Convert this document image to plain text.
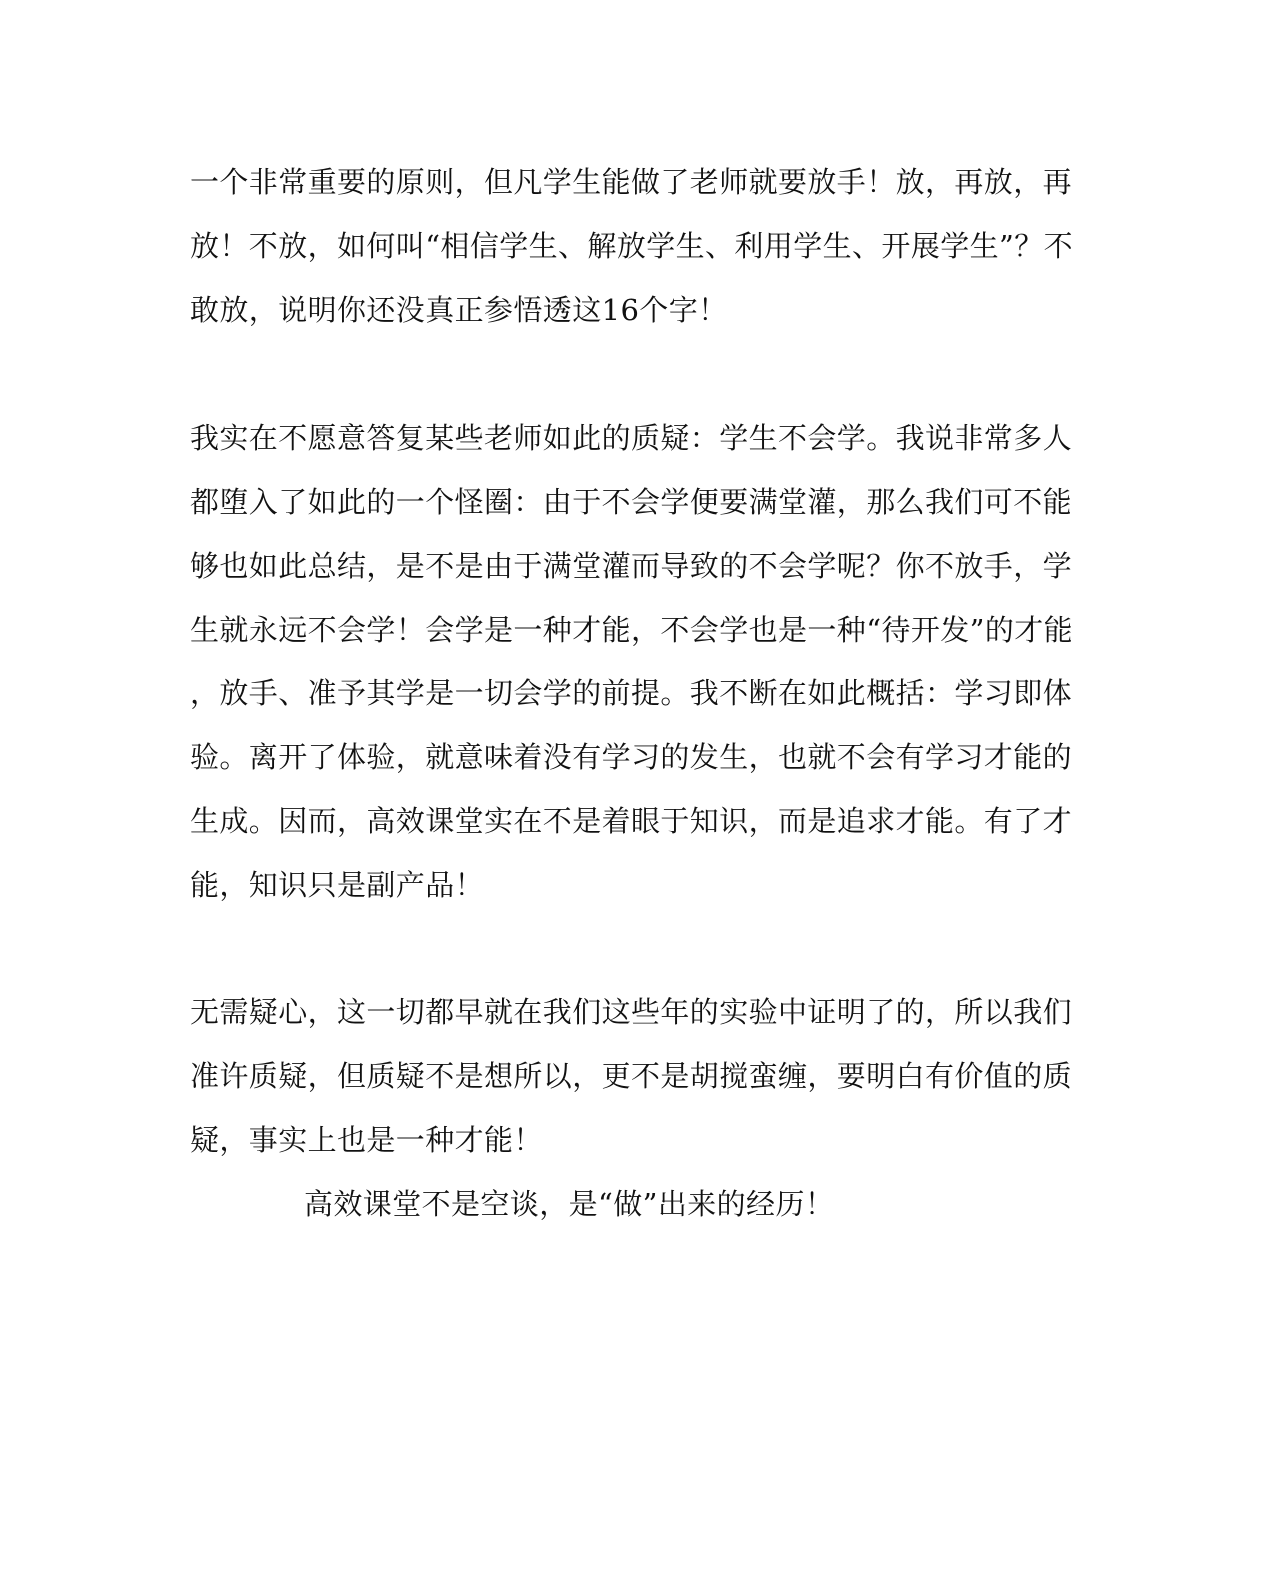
一个非常重要的原则，但凡学生能做了老师就要放手！放，再放，再
放！不放，如何叫“相信学生、解放学生、利用学生、开展学生”？不
敢放，说明你还没真正参悟透这16个字！
我实在不愿意答复某些老师如此的质疑：学生不会学。我说非常多人
都堕入了如此的一个怪圈：由于不会学便要满堂灌，那么我们可不能
够也如此总结，是不是由于满堂灌而导致的不会学呢？你不放手，学
生就永远不会学！会学是一种才能，不会学也是一种“待开发”的才能
，放手、准予其学是一切会学的前提。我不断在如此概括：学习即体
验。离开了体验，就意味着没有学习的发生，也就不会有学习才能的
生成。因而，高效课堂实在不是着眼于知识，而是追求才能。有了才
能，知识只是副产品！
无需疑心，这一切都早就在我们这些年的实验中证明了的，所以我们
准许质疑，但质疑不是想所以，更不是胡搅蛮缠，要明白有价值的质
疑，事实上也是一种才能！
高效课堂不是空谈，是“做”出来的经历！
